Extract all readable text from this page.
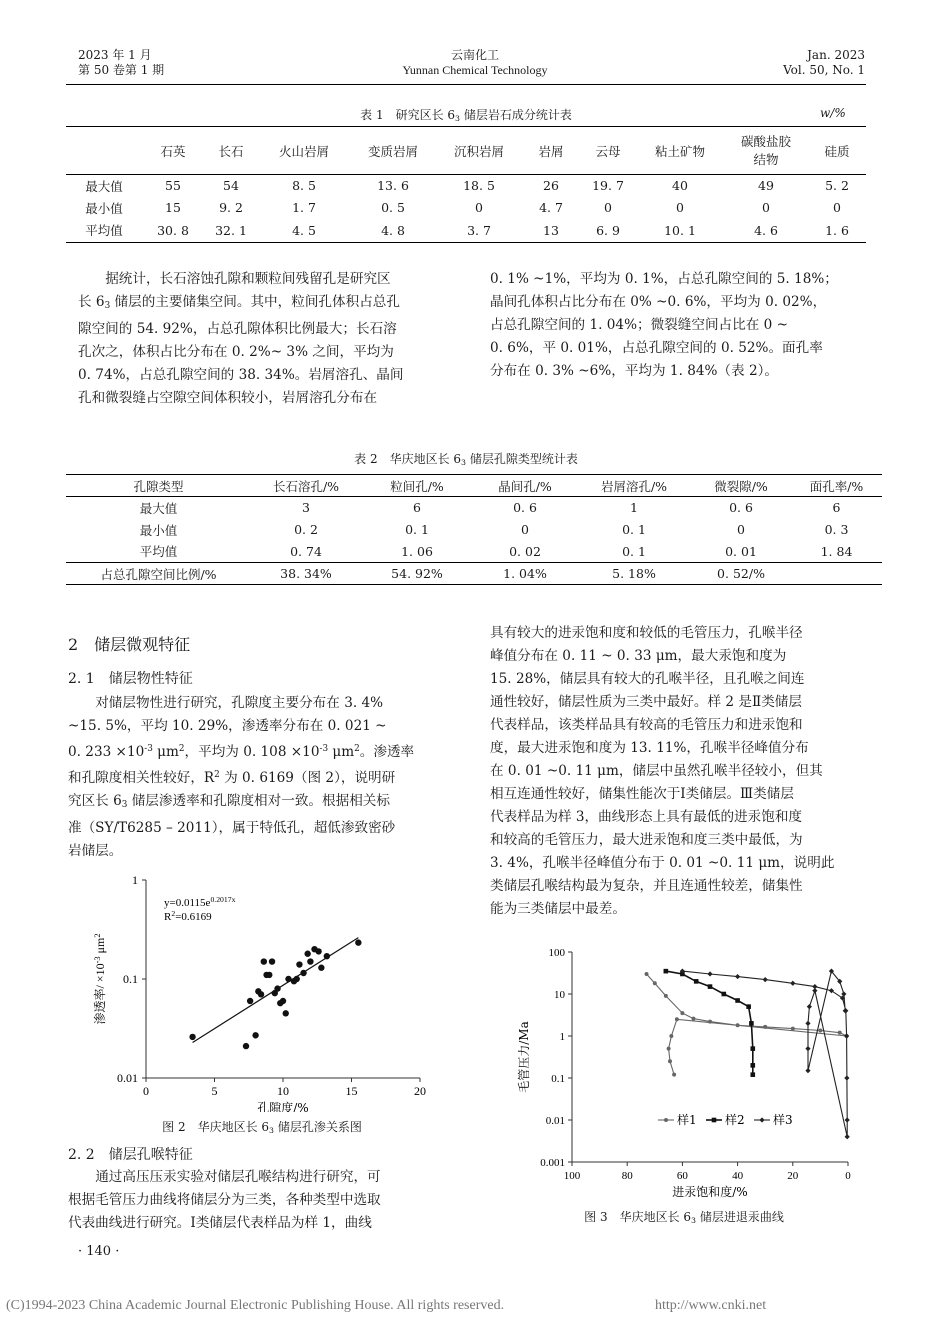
2023 年 1 月
第 50 卷第 1 期
云南化工
Yunnan Chemical Technology
Jan. 2023
Vol. 50, No. 1
表 1　研究区长 $6_3$ 储层岩石成分统计表	w/%
	石英	长石	火山岩屑	变质岩屑	沉积岩屑	岩屑	云母	粘土矿物	碳酸盐胶
结物	硅质
最大值	55	54	8. 5	13. 6	18. 5	26	19. 7	40	49	5. 2
最小值	15	9. 2	1. 7	0. 5	0	4. 7	0	0	0	0
平均值	30. 8	32. 1	4. 5	4. 8	3. 7	13	6. 9	10. 1	4. 6	1. 6

据统计，长石溶蚀孔隙和颗粒间残留孔是研究区

长 $6_3$ 储层的主要储集空间。其中，粒间孔体积占总孔

隙空间的 54. 92%，占总孔隙体积比例最大；长石溶

孔次之，体积占比分布在 0. 2%~ 3% 之间，平均为

0. 74%，占总孔隙空间的 38. 34%。岩屑溶孔、晶间

孔和微裂缝占空隙空间体积较小，岩屑溶孔分布在

0. 1% ~1%，平均为 0. 1%，占总孔隙空间的 5. 18%；

晶间孔体积占比分布在 0% ~0. 6%，平均为 0. 02%，

占总孔隙空间的 1. 04%；微裂缝空间占比在 0 ~

0. 6%，平 0. 01%，占总孔隙空间的 0. 52%。面孔率

分布在 0. 3% ~6%，平均为 1. 84%（表 2）。

表 2　华庆地区长 $6_3$ 储层孔隙类型统计表
孔隙类型	长石溶孔/%	粒间孔/%	晶间孔/%	岩屑溶孔/%	微裂隙/%	面孔率/%
最大值	3	6	0. 6	1	0. 6	6
最小值	0. 2	0. 1	0	0. 1	0	0. 3
平均值	0. 74	1. 06	0. 02	0. 1	0. 01	1. 84
占总孔隙空间比例/%	38. 34%	54. 92%	1. 04%	5. 18%	0. 52/%	
2　储层微观特征
2. 1　储层物性特征

对储层物性进行研究，孔隙度主要分布在 3. 4%

~15. 5%，平均 10. 29%，渗透率分布在 0. 021 ~

0. $233 \times 10^{-3}$ $\mu m^2$，平均为 0. $108 \times 10^{-3}$ $\mu m^2$。渗透率

和孔隙度相关性较好，$R^2$ 为 0. 6169（图 2），说明研

究区长 $6_3$ 储层渗透率和孔隙度相对一致。根据相关标

准（SY/T6285 – 2011），属于特低孔，超低渗致密砂

岩储层。

0	5	10	15	20
1
0.1
0.01
孔隙度/%
渗透率/ $\times 10^{-3}$ $\mu m^2$
$y=0.0115e^{0.2017x}$
$R^2=0.6169$
图 2　华庆地区长 $6_3$ 储层孔渗关系图
2. 2　储层孔喉特征

通过高压压汞实验对储层孔喉结构进行研究，可

根据毛管压力曲线将储层分为三类，各种类型中选取

代表曲线进行研究。Ⅰ类储层代表样品为样 1，曲线

· 140 ·

具有较大的进汞饱和度和较低的毛管压力，孔喉半径

峰值分布在 0. 11 ~ 0. 33 μm，最大汞饱和度为

15. 28%，储层具有较大的孔喉半径，且孔喉之间连

通性较好，储层性质为三类中最好。样 2 是Ⅱ类储层

代表样品，该类样品具有较高的毛管压力和进汞饱和

度，最大进汞饱和度为 13. 11%，孔喉半径峰值分布

在 0. 01 ~0. 11 μm，储层中虽然孔喉半径较小，但其

相互连通性较好，储集性能次于Ⅰ类储层。Ⅲ类储层

代表样品为样 3，曲线形态上具有最低的进汞饱和度

和较高的毛管压力，最大进汞饱和度三类中最低，为

3. 4%，孔喉半径峰值分布于 0. 01 ~0. 11 μm，说明此

类储层孔喉结构最为复杂，并且连通性较差，储集性

能为三类储层中最差。

100	80	60	40	20	0
100
10
1
0.1
0.01
0.001
进汞饱和度/%
毛管压力/Ma
样1 样2 样3
图 3　华庆地区长 $6_3$ 储层进退汞曲线
(C)1994-2023 China Academic Journal Electronic Publishing House. All rights reserved.	http://www.cnki.net
